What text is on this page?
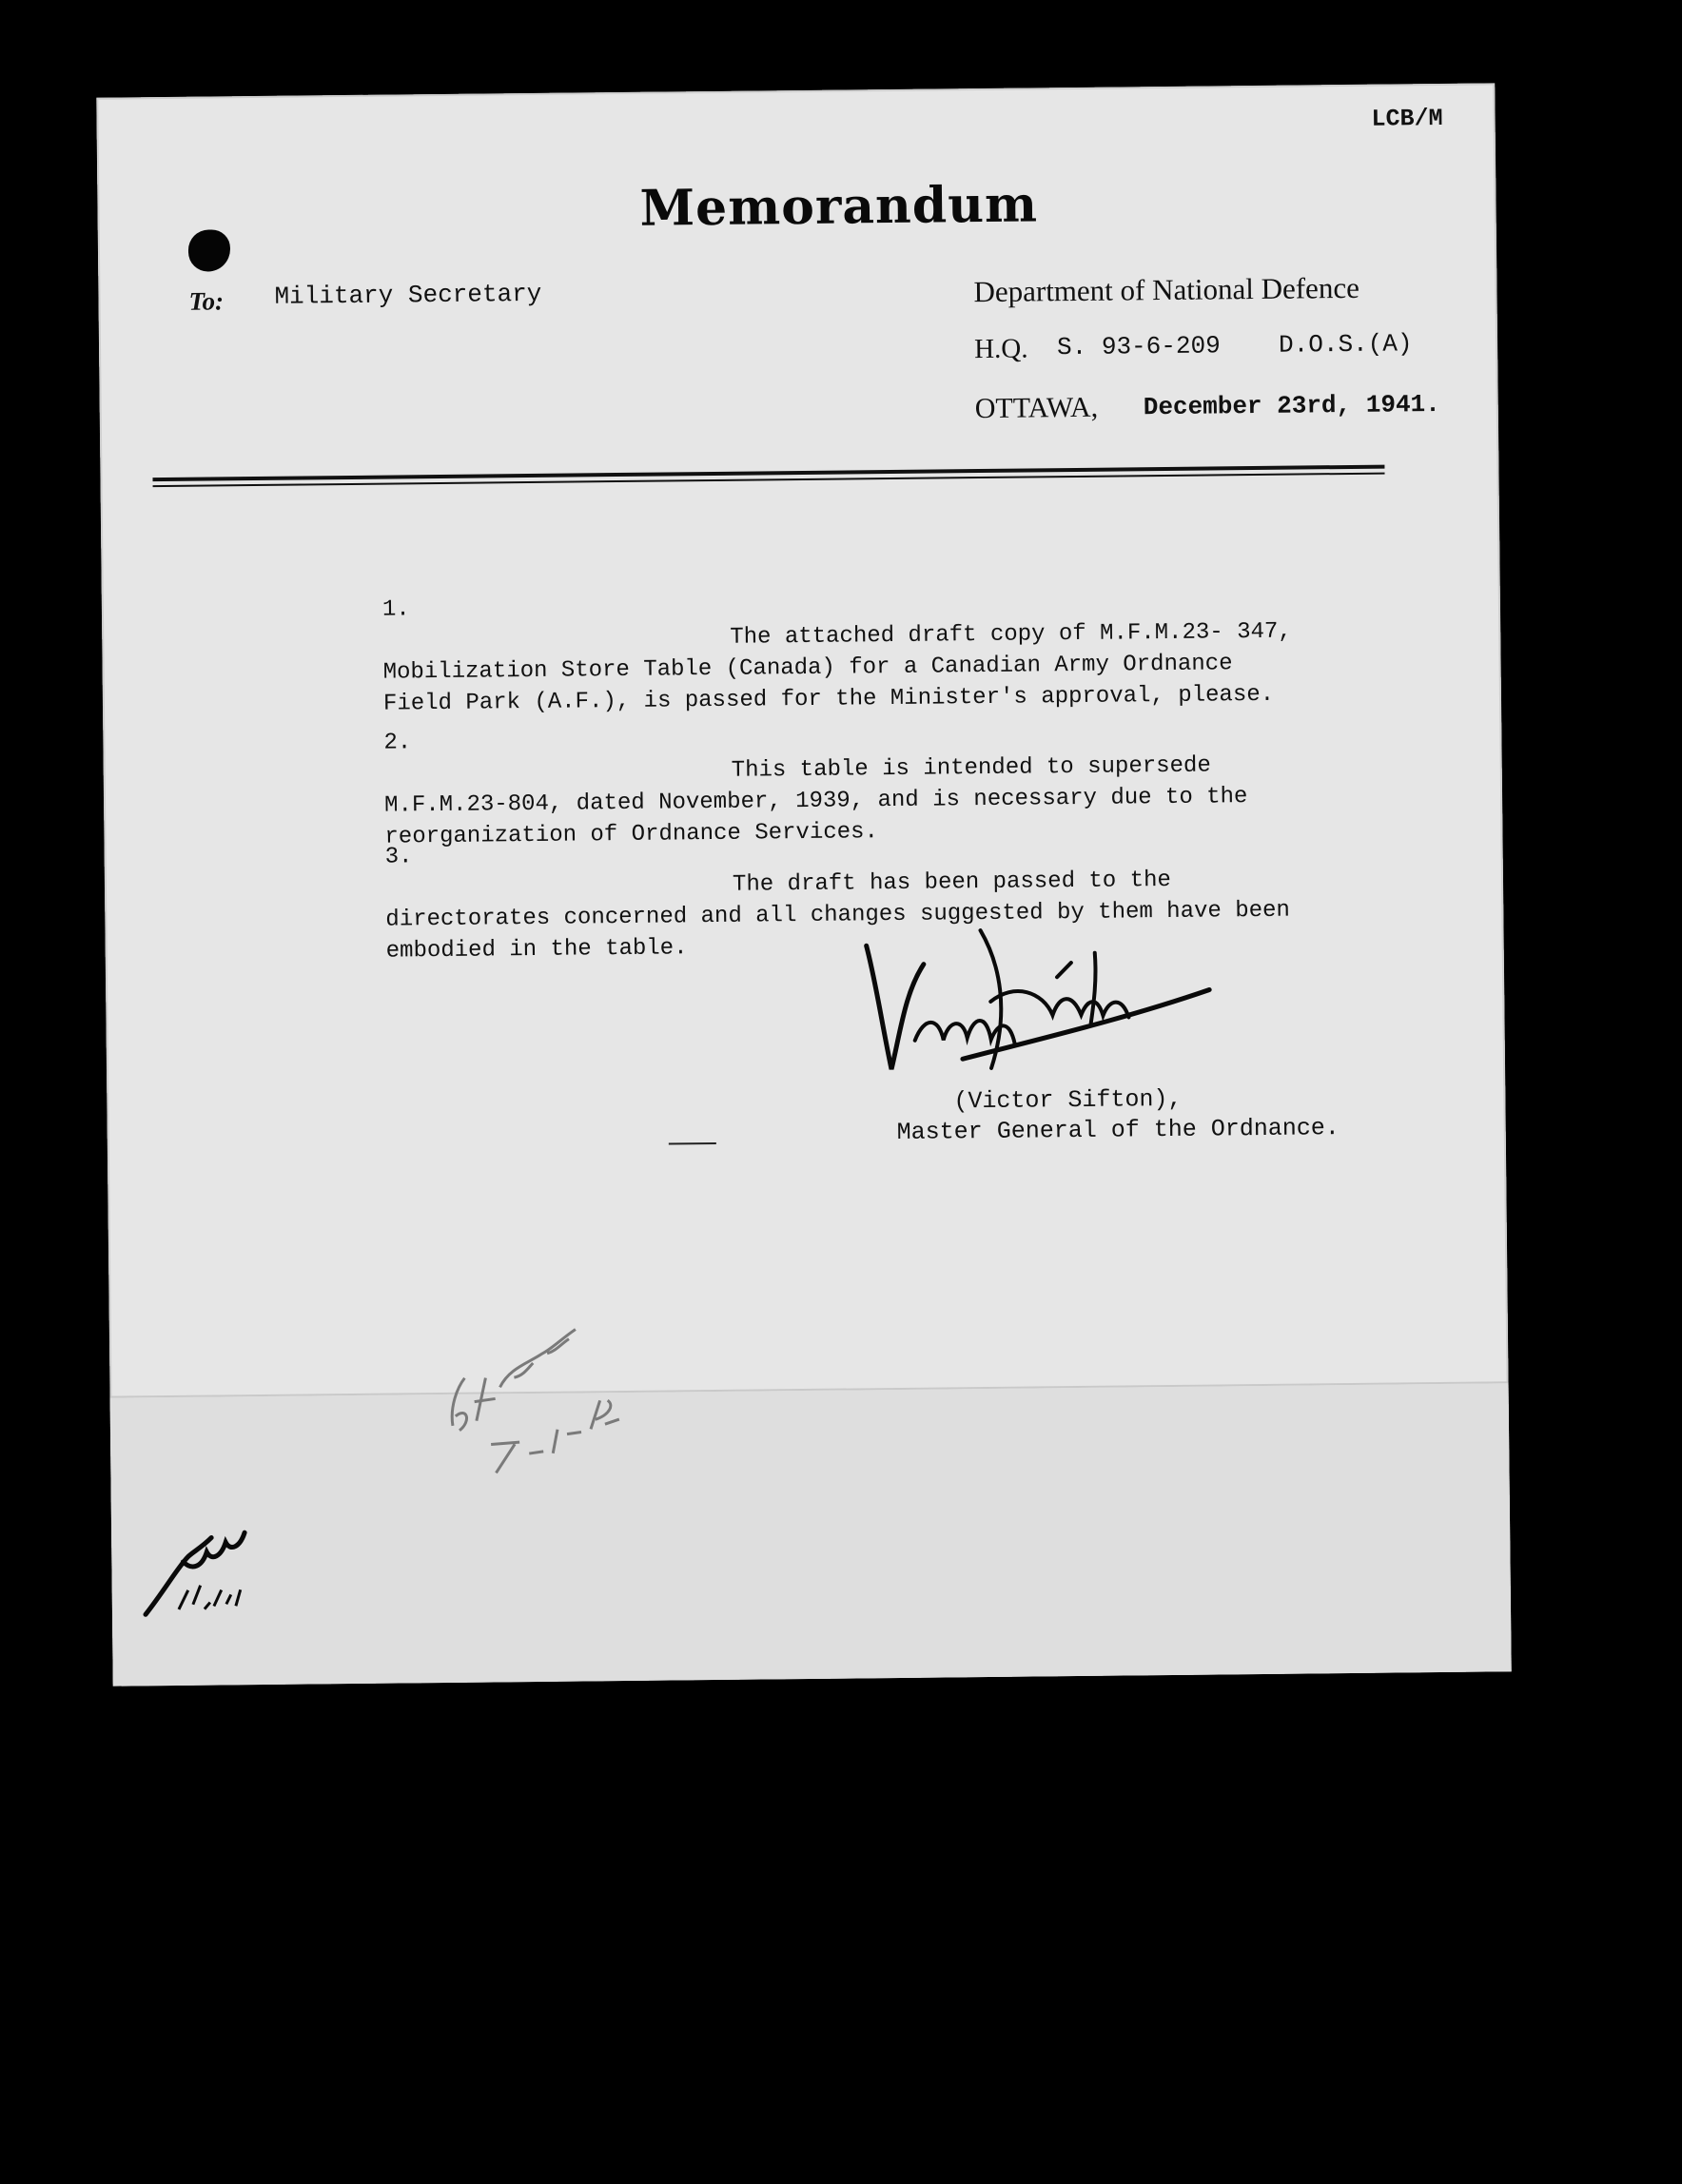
LCB/M
Memorandum
To: Military Secretary	Department of National Defence
H.Q. S. 93-6-209 D.O.S.(A)
OTTAWA, December 23rd, 1941.
1.
The attached draft copy of M.F.M.23- 347, Mobilization Store Table (Canada) for a Canadian Army Ordnance Field Park (A.F.), is passed for the Minister's approval, please.
2.
This table is intended to supersede M.F.M.23-804, dated November, 1939, and is necessary due to the reorganization of Ordnance Services.
3.
The draft has been passed to the directorates concerned and all changes suggested by them have been embodied in the table.
(Victor Sifton),
Master General of the Ordnance.
